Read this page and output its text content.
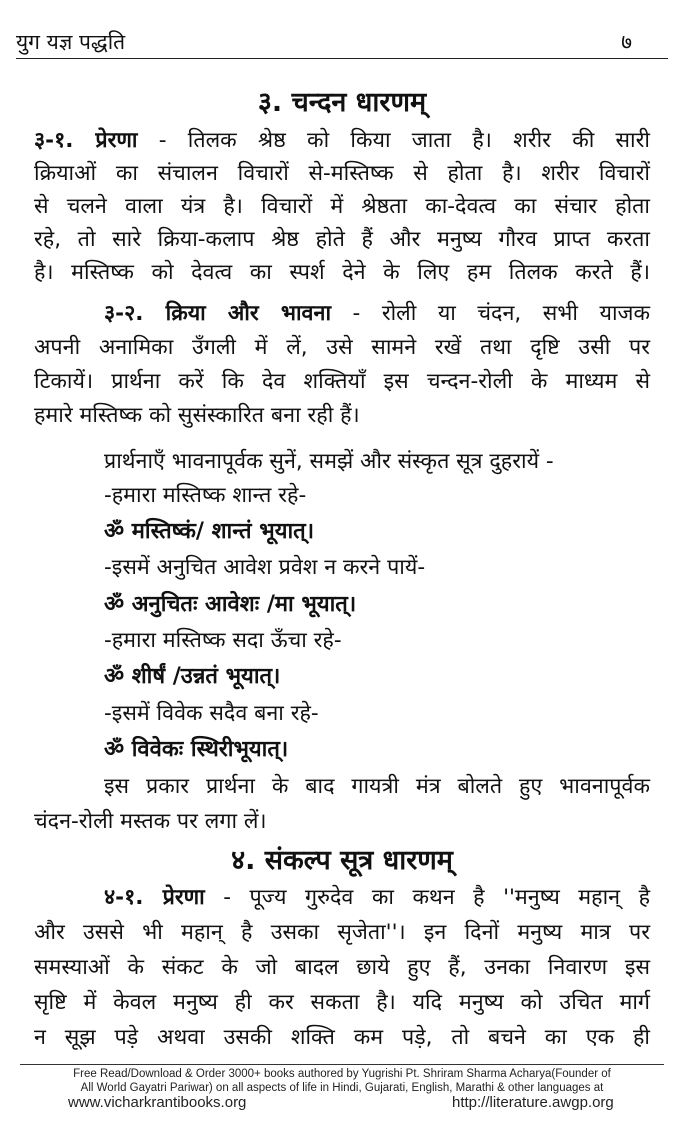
युग यज्ञ पद्धति	७
३. चन्दन धारणम्
३-१. प्रेरणा - तिलक श्रेष्ठ को किया जाता है। शरीर की सारी
क्रियाओं का संचालन विचारों से-मस्तिष्क से होता है। शरीर विचारों
से चलने वाला यंत्र है। विचारों में श्रेष्ठता का-देवत्व का संचार होता
रहे, तो सारे क्रिया-कलाप श्रेष्ठ होते हैं और मनुष्य गौरव प्राप्त करता
है। मस्तिष्क को देवत्व का स्पर्श देने के लिए हम तिलक करते हैं।
३-२. क्रिया और भावना - रोली या चंदन, सभी याजक
अपनी अनामिका उँगली में लें, उसे सामने रखें तथा दृष्टि उसी पर
टिकायें। प्रार्थना करें कि देव शक्तियाँ इस चन्दन-रोली के माध्यम से
हमारे मस्तिष्क को सुसंस्कारित बना रही हैं।
प्रार्थनाएँ भावनापूर्वक सुनें, समझें और संस्कृत सूत्र दुहरायें -
-हमारा मस्तिष्क शान्त रहे-
ॐ मस्तिष्कं/ शान्तं भूयात्।
-इसमें अनुचित आवेश प्रवेश न करने पायें-
ॐ अनुचितः आवेशः /मा भूयात्।
-हमारा मस्तिष्क सदा ऊँचा रहे-
ॐ शीर्षं /उन्नतं भूयात्।
-इसमें विवेक सदैव बना रहे-
ॐ विवेकः स्थिरीभूयात्।
इस प्रकार प्रार्थना के बाद गायत्री मंत्र बोलते हुए भावनापूर्वक
चंदन-रोली मस्तक पर लगा लें।
४. संकल्प सूत्र धारणम्
४-१. प्रेरणा - पूज्य गुरुदेव का कथन है ''मनुष्य महान् है
और उससे भी महान् है उसका सृजेता''। इन दिनों मनुष्य मात्र पर
समस्याओं के संकट के जो बादल छाये हुए हैं, उनका निवारण इस
सृष्टि में केवल मनुष्य ही कर सकता है। यदि मनुष्य को उचित मार्ग
न सूझ पड़े अथवा उसकी शक्ति कम पड़े, तो बचने का एक ही
Free Read/Download & Order 3000+ books authored by Yugrishi Pt. Shriram Sharma Acharya(Founder of
All World Gayatri Pariwar) on all aspects of life in Hindi, Gujarati, English, Marathi & other languages at
www.vicharkrantibooks.org	http://literature.awgp.org
